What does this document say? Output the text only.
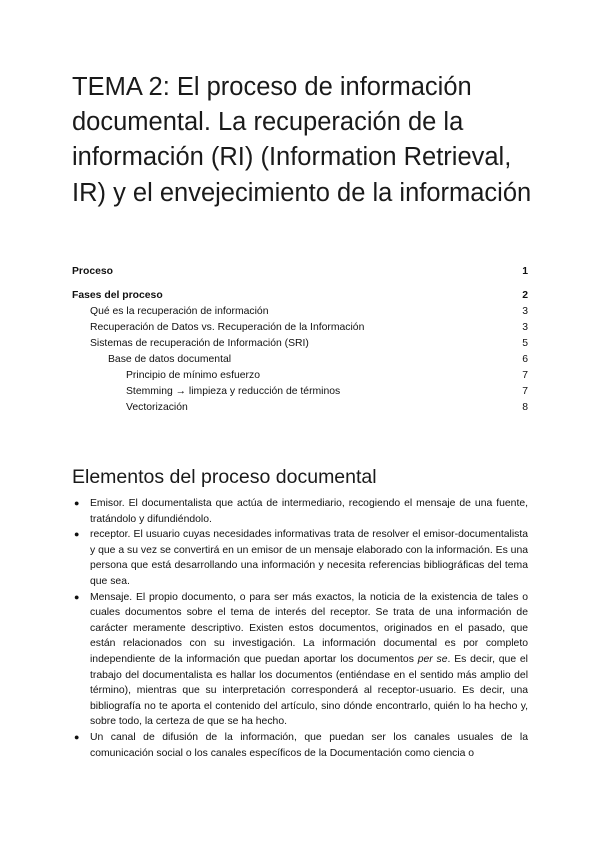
TEMA 2: El proceso de información documental. La recuperación de la información (RI) (Information Retrieval, IR) y el envejecimiento de la información
Proceso	1
Fases del proceso	2
Qué es la recuperación de información	3
Recuperación de Datos vs. Recuperación de la Información	3
Sistemas de recuperación de Información (SRI)	5
Base de datos documental	6
Principio de mínimo esfuerzo	7
Stemming → limpieza y reducción de términos	7
Vectorización	8
Elementos del proceso documental
● Emisor. El documentalista que actúa de intermediario, recogiendo el mensaje de una fuente, tratándolo y difundiéndolo.
● receptor. El usuario cuyas necesidades informativas trata de resolver el emisor-documentalista y que a su vez se convertirá en un emisor de un mensaje elaborado con la información. Es una persona que está desarrollando una información y necesita referencias bibliográficas del tema que sea.
● Mensaje. El propio documento, o para ser más exactos, la noticia de la existencia de tales o cuales documentos sobre el tema de interés del receptor. Se trata de una información de carácter meramente descriptivo. Existen estos documentos, originados en el pasado, que están relacionados con su investigación. La información documental es por completo independiente de la información que puedan aportar los documentos per se. Es decir, que el trabajo del documentalista es hallar los documentos (entiéndase en el sentido más amplio del término), mientras que su interpretación corresponderá al receptor-usuario. Es decir, una bibliografía no te aporta el contenido del artículo, sino dónde encontrarlo, quién lo ha hecho y, sobre todo, la certeza de que se ha hecho.
● Un canal de difusión de la información, que puedan ser los canales usuales de la comunicación social o los canales específicos de la Documentación como ciencia o
